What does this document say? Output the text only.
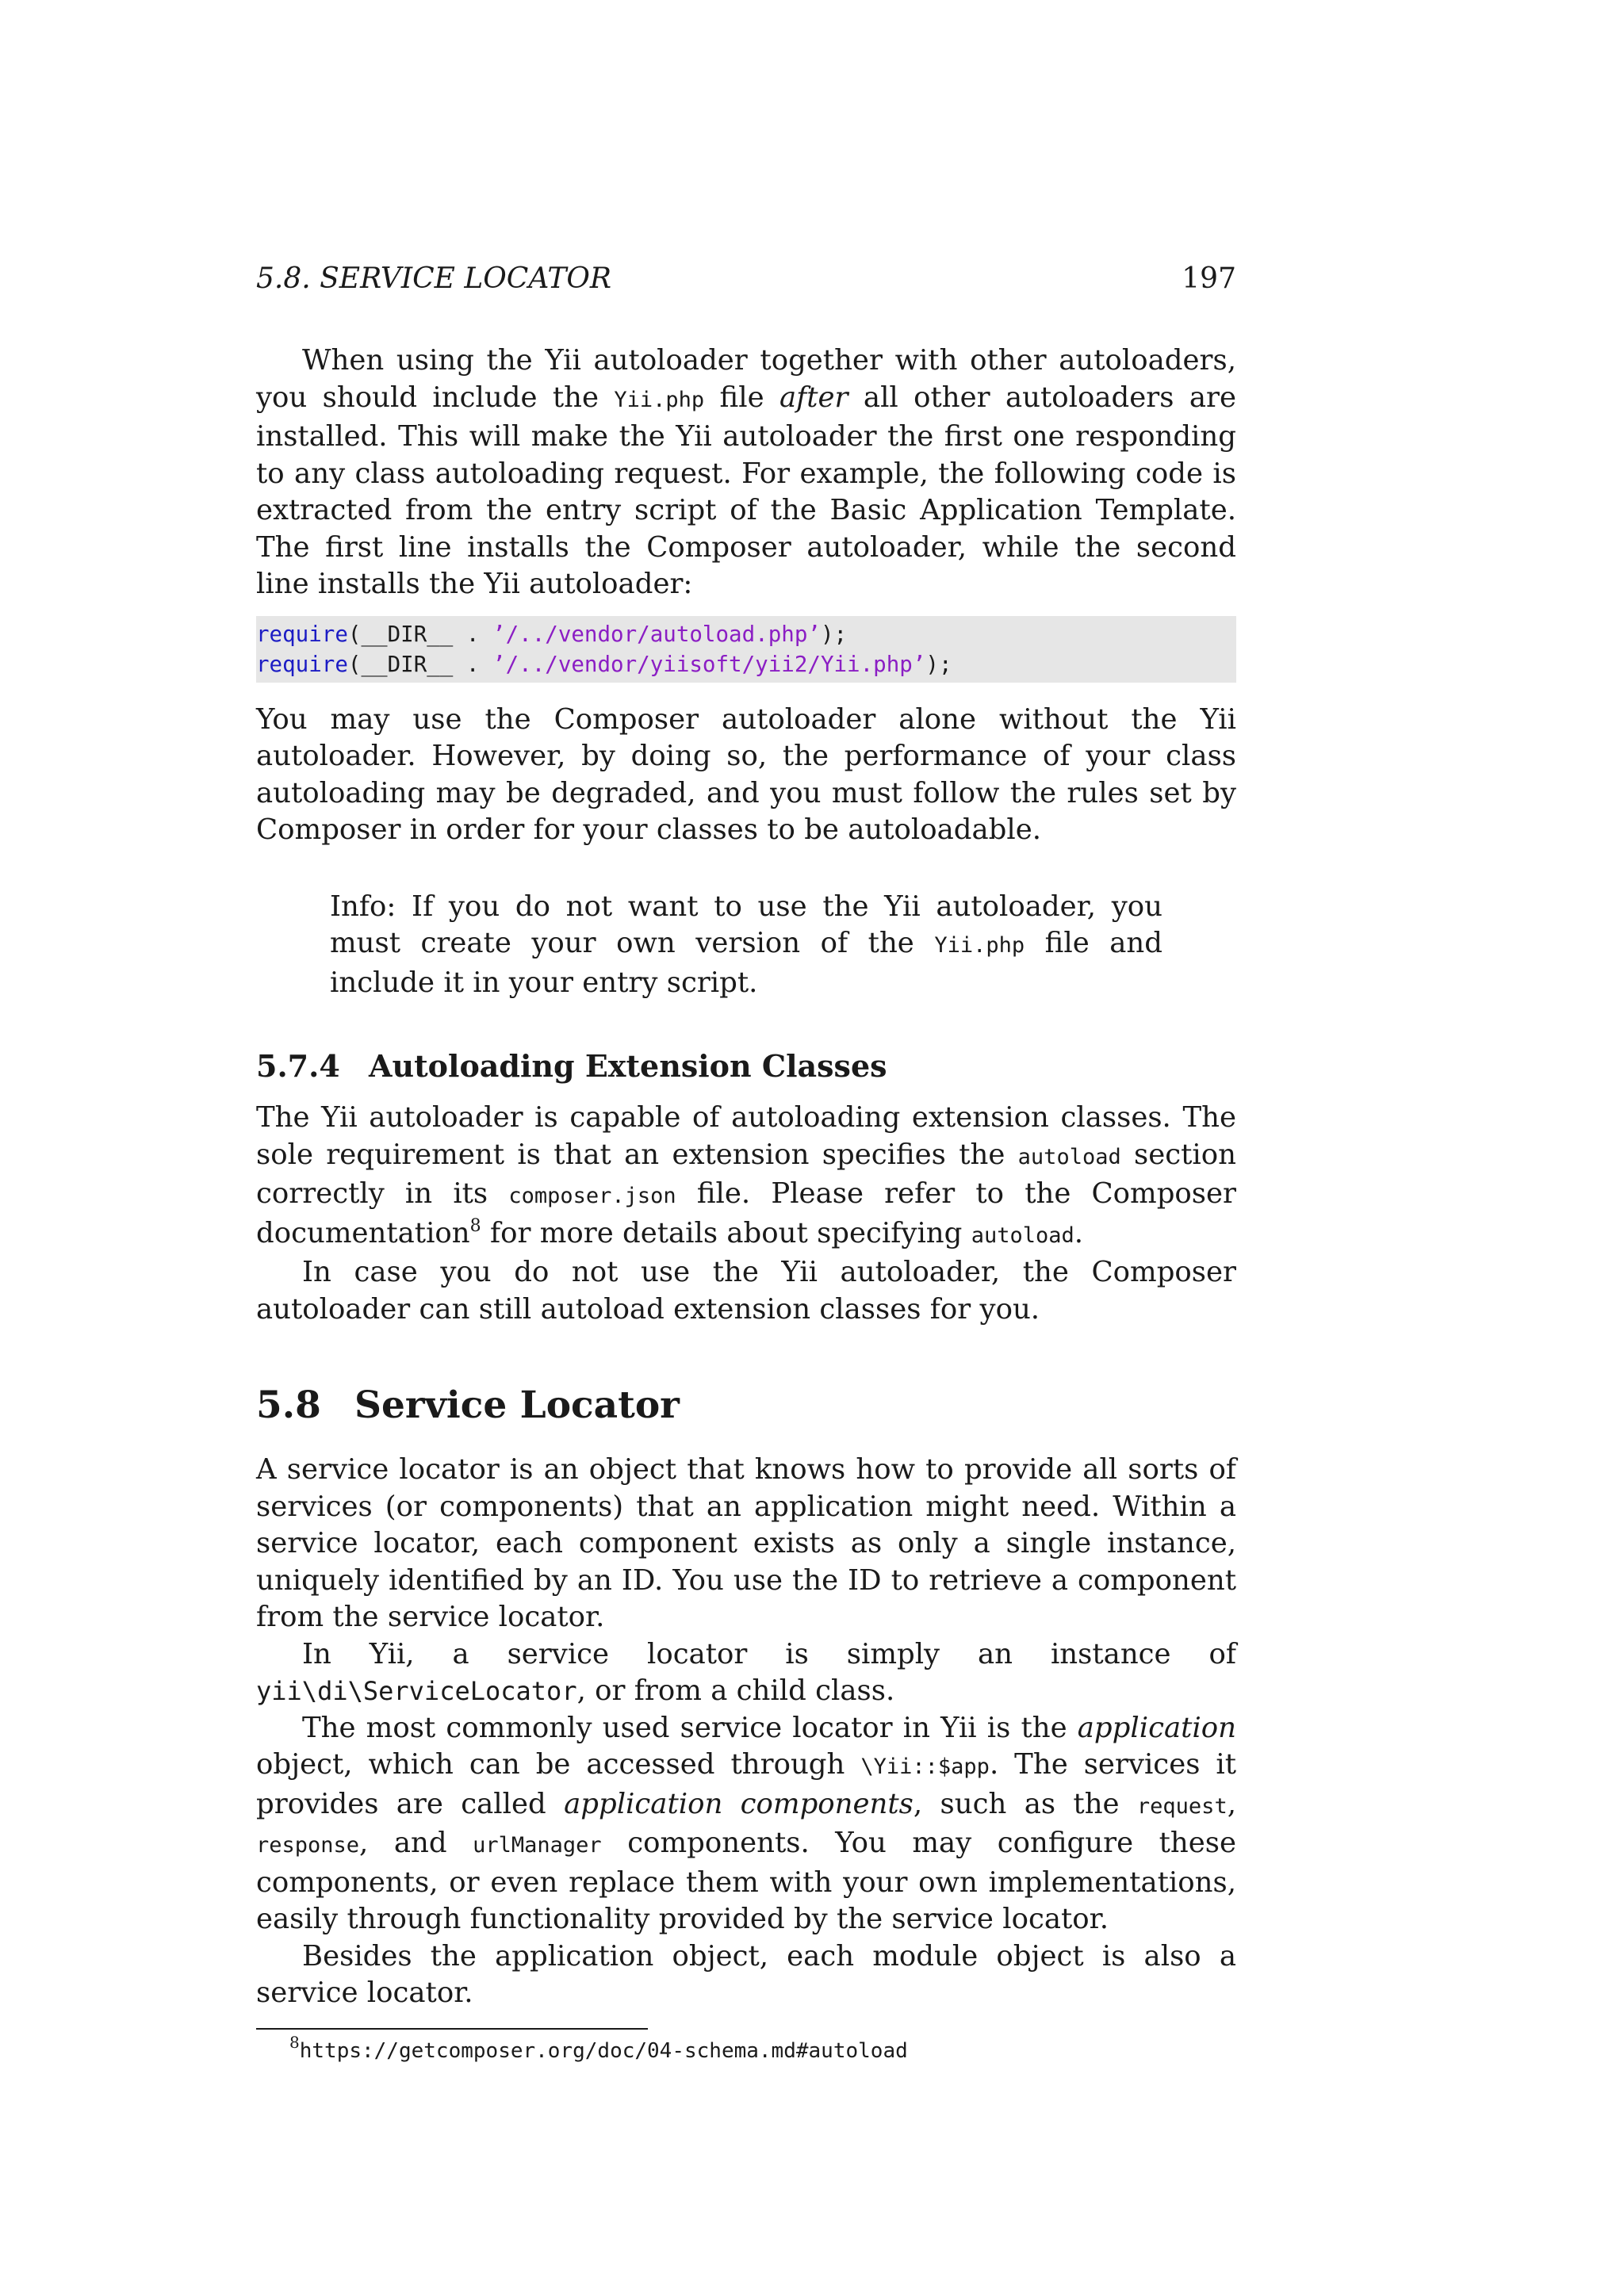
5.8. SERVICE LOCATOR	197

When using the Yii autoloader together with other autoloaders, you should include the Yii.php file after all other autoloaders are installed. This will make the Yii autoloader the first one responding to any class autoloading request. For example, the following code is extracted from the entry script of the Basic Application Template. The first line installs the Composer autoloader, while the second line installs the Yii autoloader:

require(__DIR__ . ’/../vendor/autoload.php’);
require(__DIR__ . ’/../vendor/yiisoft/yii2/Yii.php’);

You may use the Composer autoloader alone without the Yii autoloader. However, by doing so, the performance of your class autoloading may be degraded, and you must follow the rules set by Composer in order for your classes to be autoloadable.

Info: If you do not want to use the Yii autoloader, you must create your own version of the Yii.php file and include it in your entry script.

5.7.4 Autoloading Extension Classes

The Yii autoloader is capable of autoloading extension classes. The sole requirement is that an extension specifies the autoload section correctly in its composer.json file. Please refer to the Composer documentation$^8$ for more details about specifying autoload.

In case you do not use the Yii autoloader, the Composer autoloader can still autoload extension classes for you.

5.8 Service Locator

A service locator is an object that knows how to provide all sorts of services (or components) that an application might need. Within a service locator, each component exists as only a single instance, uniquely identified by an ID. You use the ID to retrieve a component from the service locator.

In Yii, a service locator is simply an instance of yii\di\ServiceLocator, or from a child class.

The most commonly used service locator in Yii is the application object, which can be accessed through \Yii::$app. The services it provides are called application components, such as the request, response, and urlManager components. You may configure these components, or even replace them with your own implementations, easily through functionality provided by the service locator.

Besides the application object, each module object is also a service locator.

$^8$https://getcomposer.org/doc/04-schema.md#autoload
